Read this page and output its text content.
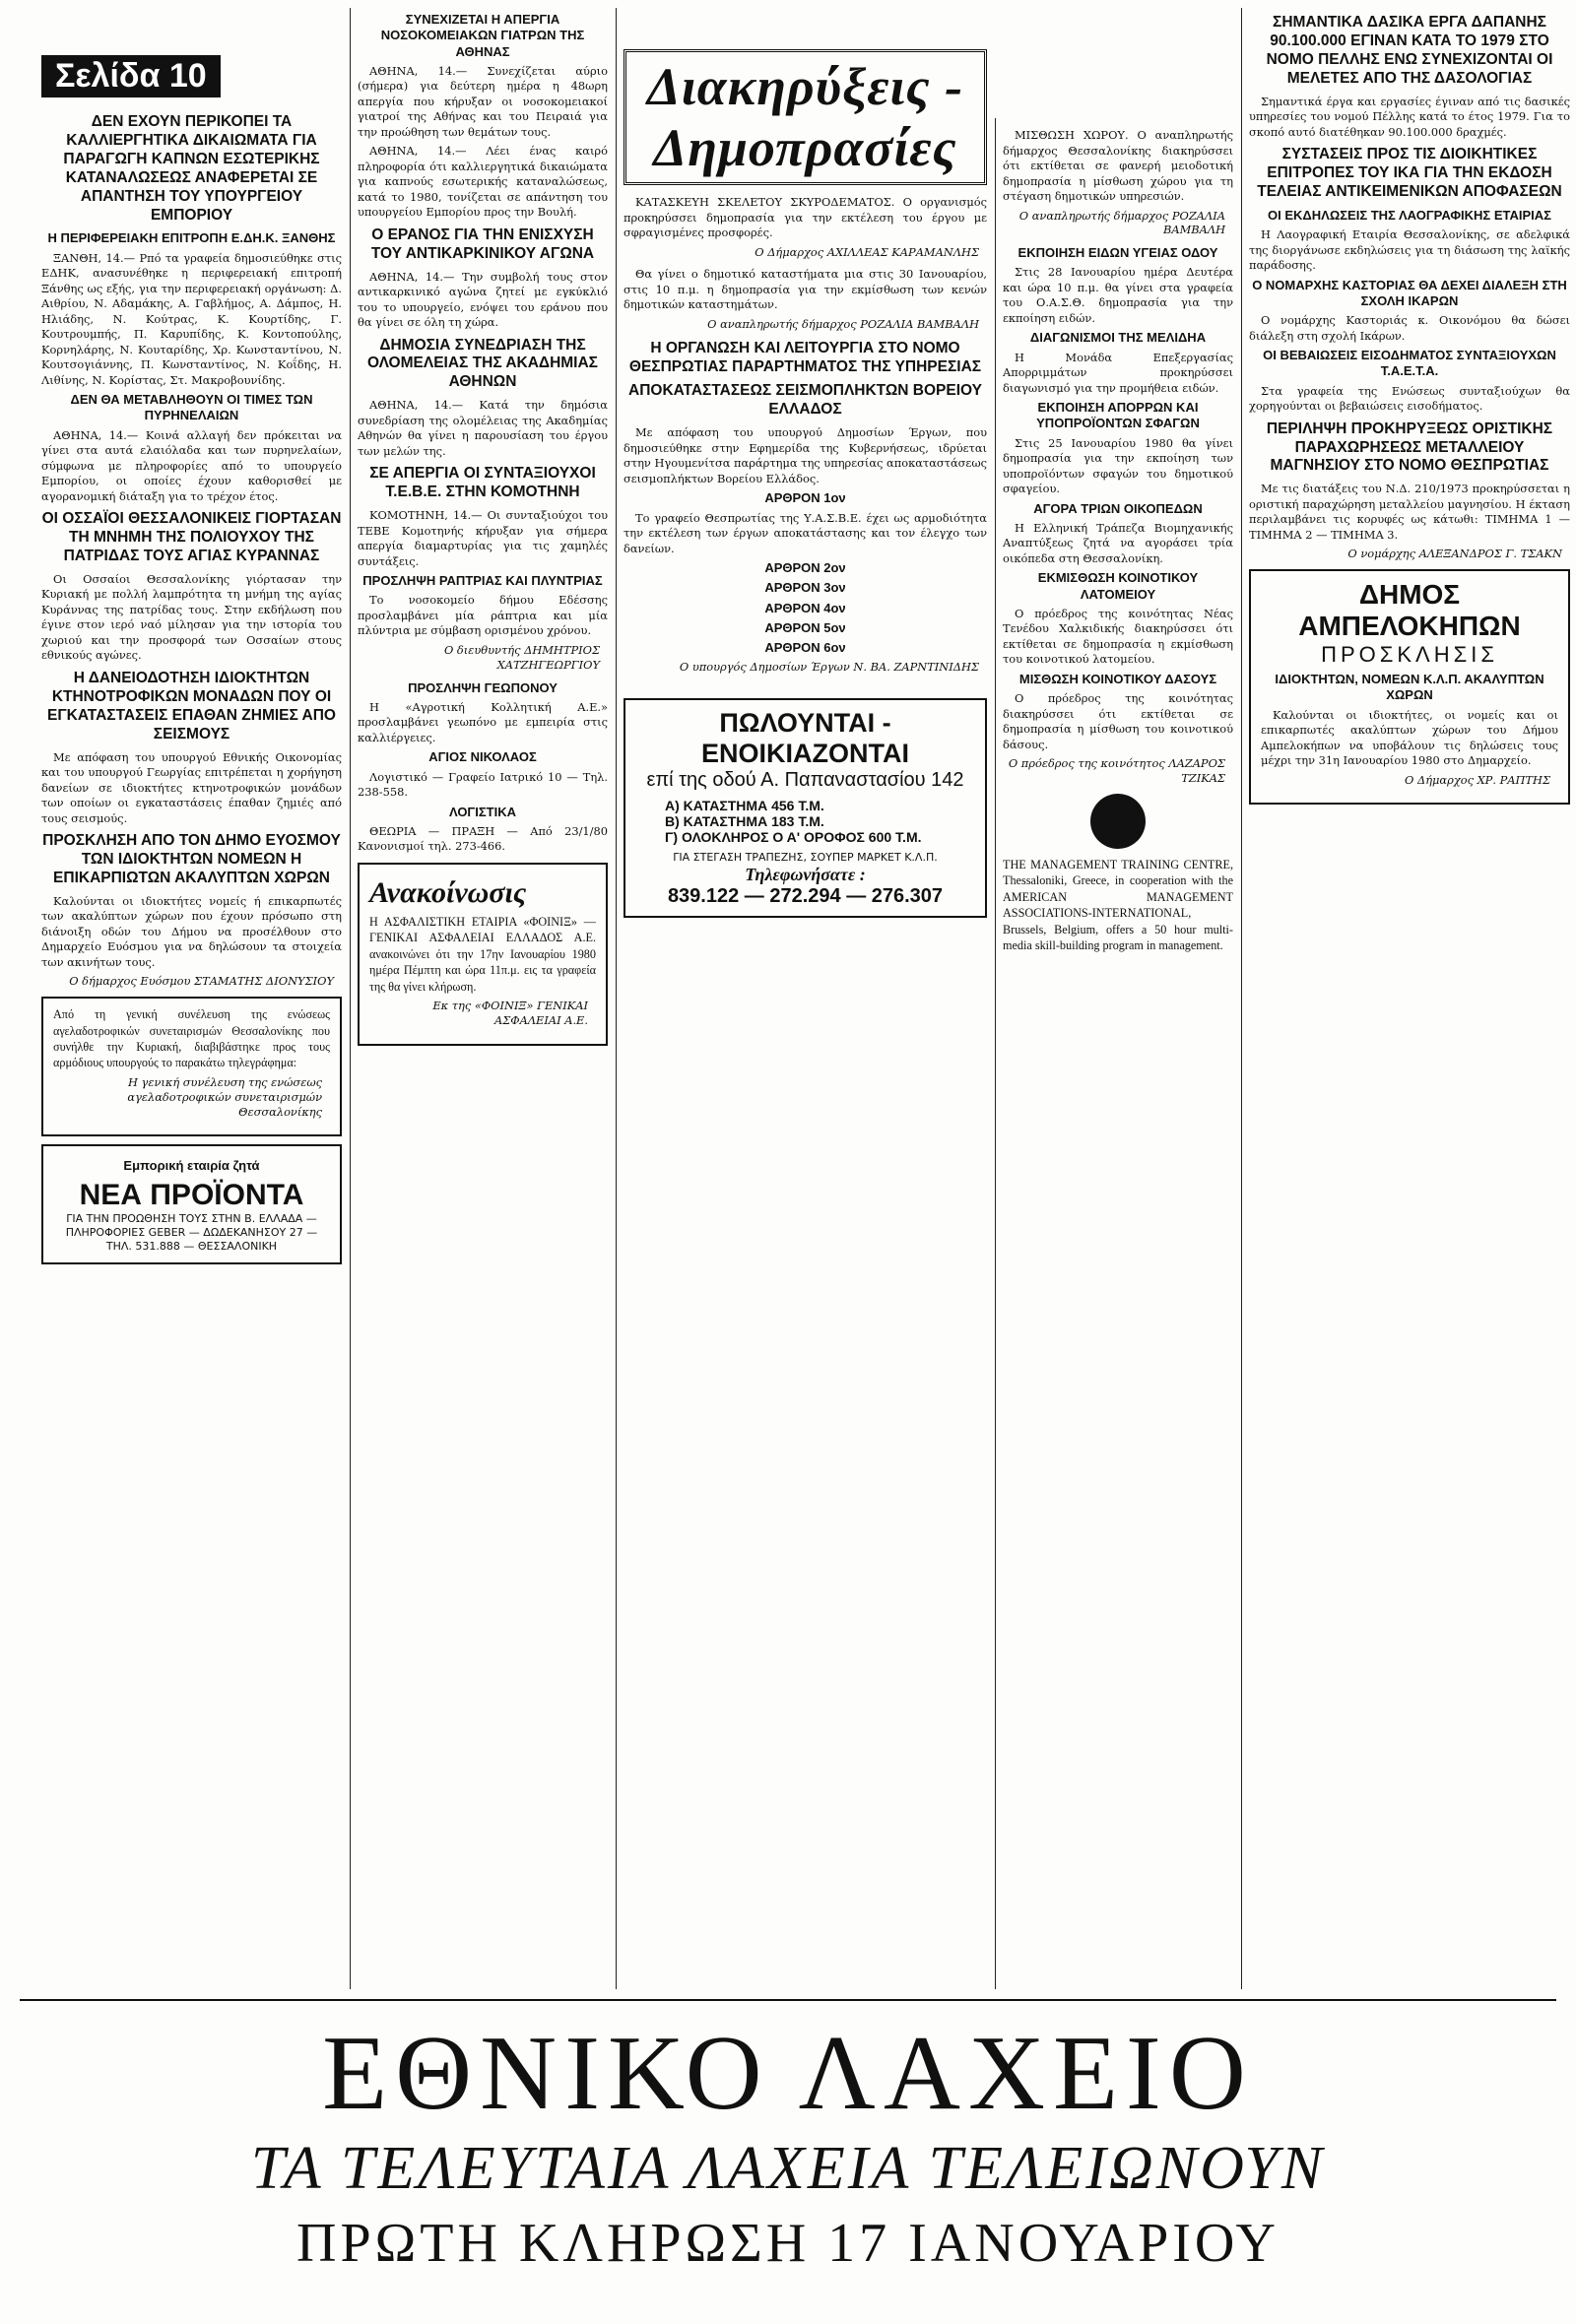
Σελίδα 10
ΔΕΝ ΕΧΟΥΝ ΠΕΡΙΚΟΠΕΙ ΤΑ ΚΑΛΛΙΕΡΓΗΤΙΚΑ ΔΙΚΑΙΩΜΑΤΑ ΓΙΑ ΠΑΡΑΓΩΓΗ ΚΑΠΝΩΝ ΕΣΩΤΕΡΙΚΗΣ ΚΑΤΑΝΑΛΩΣΕΩΣ ΑΝΑΦΕΡΕΤΑΙ ΣΕ ΑΠΑΝΤΗΣΗ ΤΟΥ ΥΠΟΥΡΓΕΙΟΥ ΕΜΠΟΡΙΟΥ
Η ΠΕΡΙΦΕΡΕΙΑΚΗ ΕΠΙΤΡΟΠΗ Ε.ΔΗ.Κ. ΞΑΝΘΗΣ

ΞΑΝΘΗ, 14.— Ρπό τα γραφεία δημοσιεύθηκε στις ΕΔΗΚ, ανασυνέθηκε η περιφερειακή επιτροπή Ξάνθης ως εξής, για την περιφερειακή οργάνωση: Δ. Αιθρίου, Ν. Αδαμάκης, Α. Γαβλήμος, Α. Δάμπος, Η. Ηλιάδης, Ν. Κούτρας, Κ. Κουρτίδης, Γ. Κουτρουμπής, Π. Καρυπίδης, Κ. Κοντοπούλης, Κορνηλάρης, Ν. Κουταρίδης, Χρ. Κωνσταντίνου, Ν. Κουτσογιάννης, Π. Κωνσταντίνος, Ν. Κοΐδης, Η. Λιθίνης, Ν. Κορίστας, Στ. Μακροβουνίδης.

ΔΕΝ ΘΑ ΜΕΤΑΒΛΗΘΟΥΝ ΟΙ ΤΙΜΕΣ ΤΩΝ ΠΥΡΗΝΕΛΑΙΩΝ

ΑΘΗΝΑ, 14.— Κοινά αλλαγή δεν πρόκειται να γίνει στα αυτά ελαιόλαδα και των πυρηνελαίων, σύμφωνα με πληροφορίες από το υπουργείο Εμπορίου, οι οποίες έχουν καθορισθεί με αγορανομική διάταξη για το τρέχον έτος.

ΟΙ ΟΣΣΑΪΟΙ ΘΕΣΣΑΛΟΝΙΚΕΙΣ ΓΙΟΡΤΑΣΑΝ ΤΗ ΜΝΗΜΗ ΤΗΣ ΠΟΛΙΟΥΧΟΥ ΤΗΣ ΠΑΤΡΙΔΑΣ ΤΟΥΣ ΑΓΙΑΣ ΚΥΡΑΝΝΑΣ

Οι Οσσαίοι Θεσσαλονίκης γιόρτασαν την Κυριακή με πολλή λαμπρότητα τη μνήμη της αγίας Κυράννας της πατρίδας τους. Στην εκδήλωση που έγινε στον ιερό ναό μίλησαν για την ιστορία του χωριού και την προσφορά των Οσσαίων στους εθνικούς αγώνες.

Η ΔΑΝΕΙΟΔΟΤΗΣΗ ΙΔΙΟΚΤΗΤΩΝ ΚΤΗΝΟΤΡΟΦΙΚΩΝ ΜΟΝΑΔΩΝ ΠΟΥ ΟΙ ΕΓΚΑΤΑΣΤΑΣΕΙΣ ΕΠΑΘΑΝ ΖΗΜΙΕΣ ΑΠΟ ΣΕΙΣΜΟΥΣ

Με απόφαση του υπουργού Εθνικής Οικονομίας και του υπουργού Γεωργίας επιτρέπεται η χορήγηση δανείων σε ιδιοκτήτες κτηνοτροφικών μονάδων των οποίων οι εγκαταστάσεις έπαθαν ζημιές από τους σεισμούς.

ΠΡΟΣΚΛΗΣΗ ΑΠΟ ΤΟΝ ΔΗΜΟ ΕΥΟΣΜΟΥ ΤΩΝ ΙΔΙΟΚΤΗΤΩΝ ΝΟΜΕΩΝ Η ΕΠΙΚΑΡΠΙΩΤΩΝ ΑΚΑΛΥΠΤΩΝ ΧΩΡΩΝ

Καλούνται οι ιδιοκτήτες νομείς ή επικαρπωτές των ακαλύπτων χώρων που έχουν πρόσωπο στη διάνοιξη οδών του Δήμου να προσέλθουν στο Δημαρχείο Ευόσμου για να δηλώσουν τα στοιχεία των ακινήτων τους.

Ο δήμαρχος Ευόσμου ΣΤΑΜΑΤΗΣ ΔΙΟΝΥΣΙΟΥ

Από τη γενική συνέλευση της ενώσεως αγελαδοτροφικών συνεταιρισμών Θεσσαλονίκης που συνήλθε την Κυριακή, διαβιβάστηκε προς τους αρμόδιους υπουργούς το παρακάτω τηλεγράφημα:

Η γενική συνέλευση της ενώσεως αγελαδοτροφικών συνεταιρισμών Θεσσαλονίκης
Εμπορική εταιρία ζητά
ΝΕΑ ΠΡΟΪΟΝΤΑ
ΓΙΑ ΤΗΝ ΠΡΟΩΘΗΣΗ ΤΟΥΣ ΣΤΗΝ Β. ΕΛΛΑΔΑ — ΠΛΗΡΟΦΟΡΙΕΣ GEBER — ΔΩΔΕΚΑΝΗΣΟΥ 27 — ΤΗΛ. 531.888 — ΘΕΣΣΑΛΟΝΙΚΗ
ΣΥΝΕΧΙΖΕΤΑΙ Η ΑΠΕΡΓΙΑ ΝΟΣΟΚΟΜΕΙΑΚΩΝ ΓΙΑΤΡΩΝ ΤΗΣ ΑΘΗΝΑΣ

ΑΘΗΝΑ, 14.— Συνεχίζεται αύριο (σήμερα) για δεύτερη ημέρα η 48ωρη απεργία που κήρυξαν οι νοσοκομειακοί γιατροί της Αθήνας και του Πειραιά για την προώθηση των θεμάτων τους.

ΑΘΗΝΑ, 14.— Λέει ένας καιρό πληροφορία ότι καλλιεργητικά δικαιώματα για καπνούς εσωτερικής καταναλώσεως, κατά το 1980, τονίζεται σε απάντηση του υπουργείου Εμπορίου προς την Βουλή.

Ο ΕΡΑΝΟΣ ΓΙΑ ΤΗΝ ΕΝΙΣΧΥΣΗ ΤΟΥ ΑΝΤΙΚΑΡΚΙΝΙΚΟΥ ΑΓΩΝΑ

ΑΘΗΝΑ, 14.— Την συμβολή τους στον αντικαρκινικό αγώνα ζητεί με εγκύκλιό του το υπουργείο, ενόψει του εράνου που θα γίνει σε όλη τη χώρα.

ΔΗΜΟΣΙΑ ΣΥΝΕΔΡΙΑΣΗ ΤΗΣ ΟΛΟΜΕΛΕΙΑΣ ΤΗΣ ΑΚΑΔΗΜΙΑΣ ΑΘΗΝΩΝ

ΑΘΗΝΑ, 14.— Κατά την δημόσια συνεδρίαση της ολομέλειας της Ακαδημίας Αθηνών θα γίνει η παρουσίαση του έργου των μελών της.

ΣΕ ΑΠΕΡΓΙΑ ΟΙ ΣΥΝΤΑΞΙΟΥΧΟΙ Τ.Ε.Β.Ε. ΣΤΗΝ ΚΟΜΟΤΗΝΗ

ΚΟΜΟΤΗΝΗ, 14.— Οι συνταξιούχοι του ΤΕΒΕ Κομοτηνής κήρυξαν για σήμερα απεργία διαμαρτυρίας για τις χαμηλές συντάξεις.

ΠΡΟΣΛΗΨΗ ΡΑΠΤΡΙΑΣ ΚΑΙ ΠΛΥΝΤΡΙΑΣ

Το νοσοκομείο δήμου Εδέσσης προσλαμβάνει μία ράπτρια και μία πλύντρια με σύμβαση ορισμένου χρόνου.

Ο διευθυντής ΔΗΜΗΤΡΙΟΣ ΧΑΤΖΗΓΕΩΡΓΙΟΥ
ΠΡΟΣΛΗΨΗ ΓΕΩΠΟΝΟΥ

Η «Αγροτική Κολλητική Α.Ε.» προσλαμβάνει γεωπόνο με εμπειρία στις καλλιέργειες.

ΑΓΙΟΣ ΝΙΚΟΛΑΟΣ

Λογιστικό — Γραφείο Ιατρικό 10 — Τηλ. 238-558.

ΛΟΓΙΣΤΙΚΑ

ΘΕΩΡΙΑ — ΠΡΑΞΗ — Από 23/1/80 Κανονισμοί τηλ. 273-466.

Ανακοίνωσις

Η ΑΣΦΑΛΙΣΤΙΚΗ ΕΤΑΙΡΙΑ «ΦΟΙΝΙΞ» — ΓΕΝΙΚΑΙ ΑΣΦΑΛΕΙΑΙ ΕΛΛΑΔΟΣ Α.Ε. ανακοινώνει ότι την 17ην Ιανουαρίου 1980 ημέρα Πέμπτη και ώρα 11π.μ. εις τα γραφεία της θα γίνει κλήρωση.

Εκ της «ΦΟΙΝΙΞ» ΓΕΝΙΚΑΙ ΑΣΦΑΛΕΙΑΙ Α.Ε.
Διακηρύξεις - Δημοπρασίες

ΚΑΤΑΣΚΕΥΗ ΣΚΕΛΕΤΟΥ ΣΚΥΡΟΔΕΜΑΤΟΣ. Ο οργανισμός προκηρύσσει δημοπρασία για την εκτέλεση του έργου με σφραγισμένες προσφορές.

Ο Δήμαρχος ΑΧΙΛΛΕΑΣ ΚΑΡΑΜΑΝΛΗΣ

Θα γίνει ο δημοτικό καταστήματα μια στις 30 Ιανουαρίου, στις 10 π.μ. η δημοπρασία για την εκμίσθωση των κενών δημοτικών καταστημάτων.

Ο αναπληρωτής δήμαρχος ΡΟΖΑΛΙΑ ΒΑΜΒΑΛΗ
Η ΟΡΓΑΝΩΣΗ ΚΑΙ ΛΕΙΤΟΥΡΓΙΑ ΣΤΟ ΝΟΜΟ ΘΕΣΠΡΩΤΙΑΣ ΠΑΡΑΡΤΗΜΑΤΟΣ ΤΗΣ ΥΠΗΡΕΣΙΑΣ
ΑΠΟΚΑΤΑΣΤΑΣΕΩΣ ΣΕΙΣΜΟΠΛΗΚΤΩΝ ΒΟΡΕΙΟΥ ΕΛΛΑΔΟΣ

Με απόφαση του υπουργού Δημοσίων Έργων, που δημοσιεύθηκε στην Εφημερίδα της Κυβερνήσεως, ιδρύεται στην Ηγουμενίτσα παράρτημα της υπηρεσίας αποκαταστάσεως σεισμοπλήκτων Βορείου Ελλάδος.

ΑΡΘΡΟΝ 1ον

Το γραφείο Θεσπρωτίας της Υ.Α.Σ.Β.Ε. έχει ως αρμοδιότητα την εκτέλεση των έργων αποκατάστασης και τον έλεγχο των δανείων.

ΑΡΘΡΟΝ 2ον
ΑΡΘΡΟΝ 3ον
ΑΡΘΡΟΝ 4ον
ΑΡΘΡΟΝ 5ον
ΑΡΘΡΟΝ 6ον
Ο υπουργός Δημοσίων Έργων Ν. ΒΑ. ΖΑΡΝΤΙΝΙΔΗΣ
ΠΩΛΟΥΝΤΑΙ - ΕΝΟΙΚΙΑΖΟΝΤΑΙ
επί της οδού Α. Παπαναστασίου 142
Α) ΚΑΤΑΣΤΗΜΑ 456 Τ.Μ.
Β) ΚΑΤΑΣΤΗΜΑ 183 Τ.Μ.
Γ) ΟΛΟΚΛΗΡΟΣ Ο Α' ΟΡΟΦΟΣ 600 Τ.Μ.
ΓΙΑ ΣΤΕΓΑΣΗ ΤΡΑΠΕΖΗΣ, ΣΟΥΠΕΡ ΜΑΡΚΕΤ Κ.Λ.Π.
Τηλεφωνήσατε :
839.122 — 272.294 — 276.307

ΜΙΣΘΩΣΗ ΧΩΡΟΥ. Ο αναπληρωτής δήμαρχος Θεσσαλονίκης διακηρύσσει ότι εκτίθεται σε φανερή μειοδοτική δημοπρασία η μίσθωση χώρου για τη στέγαση δημοτικών υπηρεσιών.

Ο αναπληρωτής δήμαρχος ΡΟΖΑΛΙΑ ΒΑΜΒΑΛΗ
ΕΚΠΟΙΗΣΗ ΕΙΔΩΝ ΥΓΕΙΑΣ ΟΔΟΥ

Στις 28 Ιανουαρίου ημέρα Δευτέρα και ώρα 10 π.μ. θα γίνει στα γραφεία του Ο.Α.Σ.Θ. δημοπρασία για την εκποίηση ειδών.

ΔΙΑΓΩΝΙΣΜΟΙ ΤΗΣ ΜΕΛΙΔΗΑ

Η Μονάδα Επεξεργασίας Απορριμμάτων προκηρύσσει διαγωνισμό για την προμήθεια ειδών.

ΕΚΠΟΙΗΣΗ ΑΠΟΡΡΩΝ ΚΑΙ ΥΠΟΠΡΟΪΟΝΤΩΝ ΣΦΑΓΩΝ

Στις 25 Ιανουαρίου 1980 θα γίνει δημοπρασία για την εκποίηση των υποπροϊόντων σφαγών του δημοτικού σφαγείου.

ΑΓΟΡΑ ΤΡΙΩΝ ΟΙΚΟΠΕΔΩΝ

Η Ελληνική Τράπεζα Βιομηχανικής Αναπτύξεως ζητά να αγοράσει τρία οικόπεδα στη Θεσσαλονίκη.

ΕΚΜΙΣΘΩΣΗ ΚΟΙΝΟΤΙΚΟΥ ΛΑΤΟΜΕΙΟΥ

Ο πρόεδρος της κοινότητας Νέας Τενέδου Χαλκιδικής διακηρύσσει ότι εκτίθεται σε δημοπρασία η εκμίσθωση του κοινοτικού λατομείου.

ΜΙΣΘΩΣΗ ΚΟΙΝΟΤΙΚΟΥ ΔΑΣΟΥΣ

Ο πρόεδρος της κοινότητας διακηρύσσει ότι εκτίθεται σε δημοπρασία η μίσθωση του κοινοτικού δάσους.

Ο πρόεδρος της κοινότητος ΛΑΖΑΡΟΣ ΤΖΙΚΑΣ

THE MANAGEMENT TRAINING CENTRE, Thessaloniki, Greece, in cooperation with the AMERICAN MANAGEMENT ASSOCIATIONS-INTERNATIONAL, Brussels, Belgium, offers a 50 hour multi-media skill-building program in management.

ΣΗΜΑΝΤΙΚΑ ΔΑΣΙΚΑ ΕΡΓΑ ΔΑΠΑΝΗΣ 90.100.000 ΕΓΙΝΑΝ ΚΑΤΑ ΤΟ 1979 ΣΤΟ ΝΟΜΟ ΠΕΛΛΗΣ ΕΝΩ ΣΥΝΕΧΙΖΟΝΤΑΙ ΟΙ ΜΕΛΕΤΕΣ ΑΠΟ ΤΗΣ ΔΑΣΟΛΟΓΙΑΣ

Σημαντικά έργα και εργασίες έγιναν από τις δασικές υπηρεσίες του νομού Πέλλης κατά το έτος 1979. Για το σκοπό αυτό διατέθηκαν 90.100.000 δραχμές.

ΣΥΣΤΑΣΕΙΣ ΠΡΟΣ ΤΙΣ ΔΙΟΙΚΗΤΙΚΕΣ ΕΠΙΤΡΟΠΕΣ ΤΟΥ ΙΚΑ ΓΙΑ ΤΗΝ ΕΚΔΟΣΗ ΤΕΛΕΙΑΣ ΑΝΤΙΚΕΙΜΕΝΙΚΩΝ ΑΠΟΦΑΣΕΩΝ
ΟΙ ΕΚΔΗΛΩΣΕΙΣ ΤΗΣ ΛΑΟΓΡΑΦΙΚΗΣ ΕΤΑΙΡΙΑΣ

Η Λαογραφική Εταιρία Θεσσαλονίκης, σε αδελφικά της διοργάνωσε εκδηλώσεις για τη διάσωση της λαϊκής παράδοσης.

Ο ΝΟΜΑΡΧΗΣ ΚΑΣΤΟΡΙΑΣ ΘΑ ΔΕΧΕΙ ΔΙΑΛΕΞΗ ΣΤΗ ΣΧΟΛΗ ΙΚΑΡΩΝ

Ο νομάρχης Καστοριάς κ. Οικονόμου θα δώσει διάλεξη στη σχολή Ικάρων.

ΟΙ ΒΕΒΑΙΩΣΕΙΣ ΕΙΣΟΔΗΜΑΤΟΣ ΣΥΝΤΑΞΙΟΥΧΩΝ Τ.Α.Ε.Τ.Α.

Στα γραφεία της Ενώσεως συνταξιούχων θα χορηγούνται οι βεβαιώσεις εισοδήματος.

ΠΕΡΙΛΗΨΗ ΠΡΟΚΗΡΥΞΕΩΣ ΟΡΙΣΤΙΚΗΣ ΠΑΡΑΧΩΡΗΣΕΩΣ ΜΕΤΑΛΛΕΙΟΥ ΜΑΓΝΗΣΙΟΥ ΣΤΟ ΝΟΜΟ ΘΕΣΠΡΩΤΙΑΣ

Με τις διατάξεις του Ν.Δ. 210/1973 προκηρύσσεται η οριστική παραχώρηση μεταλλείου μαγνησίου. Η έκταση περιλαμβάνει τις κορυφές ως κάτωθι: ΤΙΜΗΜΑ 1 — ΤΙΜΗΜΑ 2 — ΤΙΜΗΜΑ 3.

Ο νομάρχης ΑΛΕΞΑΝΔΡΟΣ Γ. ΤΣΑΚΝ
ΔΗΜΟΣ ΑΜΠΕΛΟΚΗΠΩΝ
ΠΡΟΣΚΛΗΣΙΣ
ΙΔΙΟΚΤΗΤΩΝ, ΝΟΜΕΩΝ Κ.Λ.Π. ΑΚΑΛΥΠΤΩΝ ΧΩΡΩΝ

Καλούνται οι ιδιοκτήτες, οι νομείς και οι επικαρπωτές ακαλύπτων χώρων του Δήμου Αμπελοκήπων να υποβάλουν τις δηλώσεις τους μέχρι την 31η Ιανουαρίου 1980 στο Δημαρχείο.

Ο Δήμαρχος ΧΡ. ΡΑΠΤΗΣ
ΕΘΝΙΚΟ ΛΑΧΕΙΟ
ΤΑ ΤΕΛΕΥΤΑΙΑ ΛΑΧΕΙΑ ΤΕΛΕΙΩΝΟΥΝ
ΠΡΩΤΗ ΚΛΗΡΩΣΗ 17 ΙΑΝΟΥΑΡΙΟΥ
